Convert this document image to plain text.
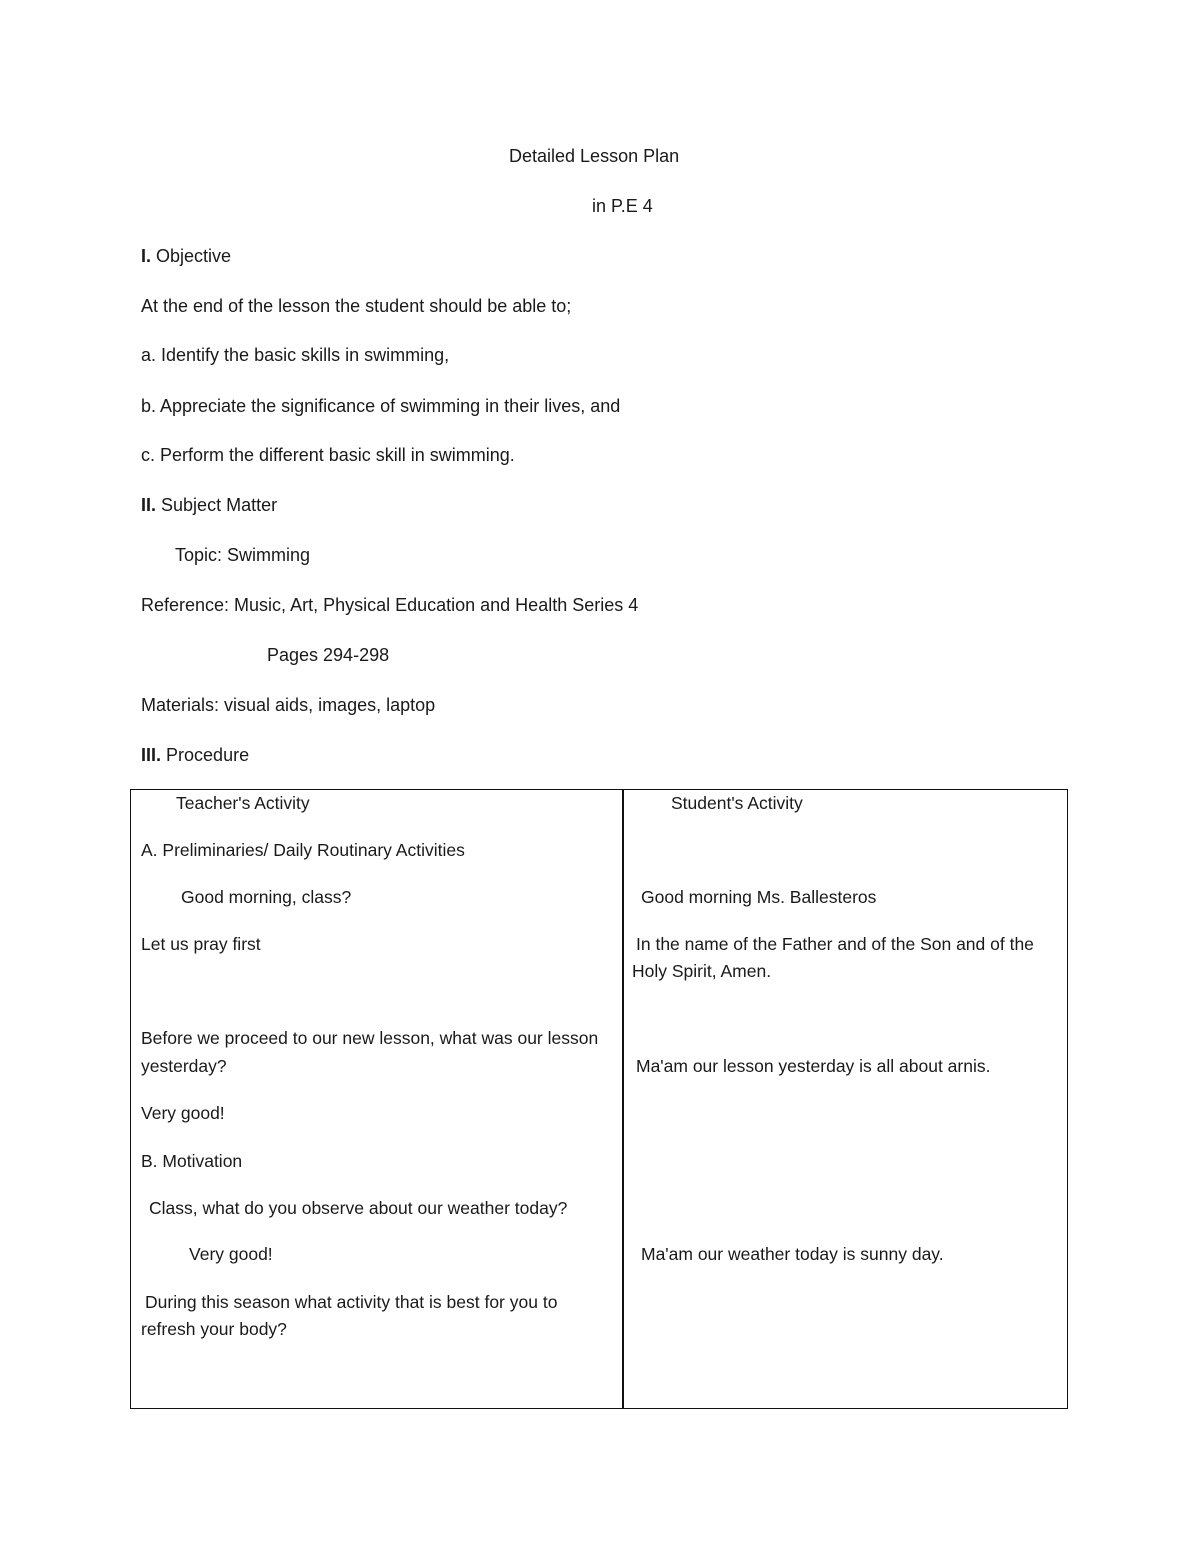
Detailed Lesson Plan
in P.E 4
I. Objective
At the end of the lesson the student should be able to;
a. Identify the basic skills in swimming,
b. Appreciate the significance of swimming in their lives, and
c. Perform the different basic skill in swimming.
II. Subject Matter
Topic: Swimming
Reference: Music, Art, Physical Education and Health Series 4
Pages 294-298
Materials: visual aids, images, laptop
III. Procedure
Teacher's Activity
A. Preliminaries/ Daily Routinary Activities
Good morning, class?
Let us pray first
Before we proceed to our new lesson, what was our lesson
yesterday?
Very good!
B. Motivation
Class, what do you observe about our weather today?
Very good!
During this season what activity that is best for you to
refresh your body?
Student's Activity
Good morning Ms. Ballesteros
In the name of the Father and of the Son and of the
Holy Spirit, Amen.
Ma'am our lesson yesterday is all about arnis.
Ma'am our weather today is sunny day.
